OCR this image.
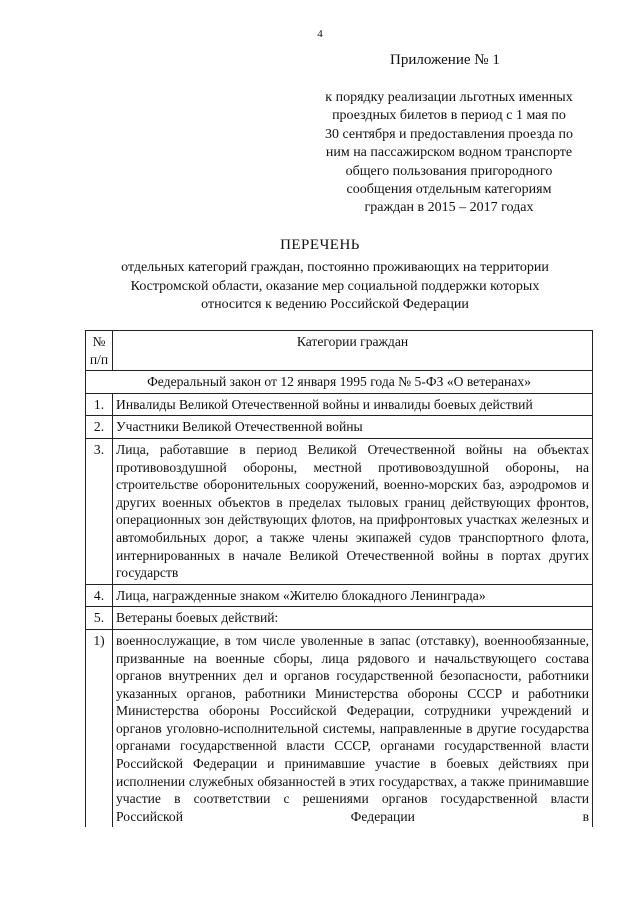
4
Приложение № 1
к порядку реализации льготных именных
проездных билетов в период с 1 мая по
30 сентября и предоставления проезда по
ним на пассажирском водном транспорте
общего пользования пригородного
сообщения отдельным категориям
граждан в 2015 – 2017 годах
ПЕРЕЧЕНЬ
отдельных категорий граждан, постоянно проживающих на территории
Костромской области, оказание мер социальной поддержки которых
относится к ведению Российской Федерации
№
п/п	Категории граждан
Федеральный закон от 12 января 1995 года № 5-ФЗ «О ветеранах»	
1.	Инвалиды Великой Отечественной войны и инвалиды боевых действий
2.	Участники Великой Отечественной войны
3.	Лица, работавшие в период Великой Отечественной войны на объектах противовоздушной обороны, местной противовоздушной обороны, на строительстве оборонительных сооружений, военно-морских баз, аэродромов и других военных объектов в пределах тыловых границ действующих фронтов, операционных зон действующих флотов, на прифронтовых участках железных и автомобильных дорог, а также члены экипажей судов транспортного флота, интернированных в начале Великой Отечественной войны в портах других государств
4.	Лица, награжденные знаком «Жителю блокадного Ленинграда»
5.	Ветераны боевых действий:
1)	военнослужащие, в том числе уволенные в запас (отставку), военнообязанные, призванные на военные сборы, лица рядового и начальствующего состава органов внутренних дел и органов государственной безопасности, работники указанных органов, работники Министерства обороны СССР и работники Министерства обороны Российской Федерации, сотрудники учреждений и органов уголовно-исполнительной системы, направленные в другие государства органами государственной власти СССР, органами государственной власти Российской Федерации и принимавшие участие в боевых действиях при исполнении служебных обязанностей в этих государствах, а также принимавшие участие в соответствии с решениями органов государственной власти Российской Федерации в
